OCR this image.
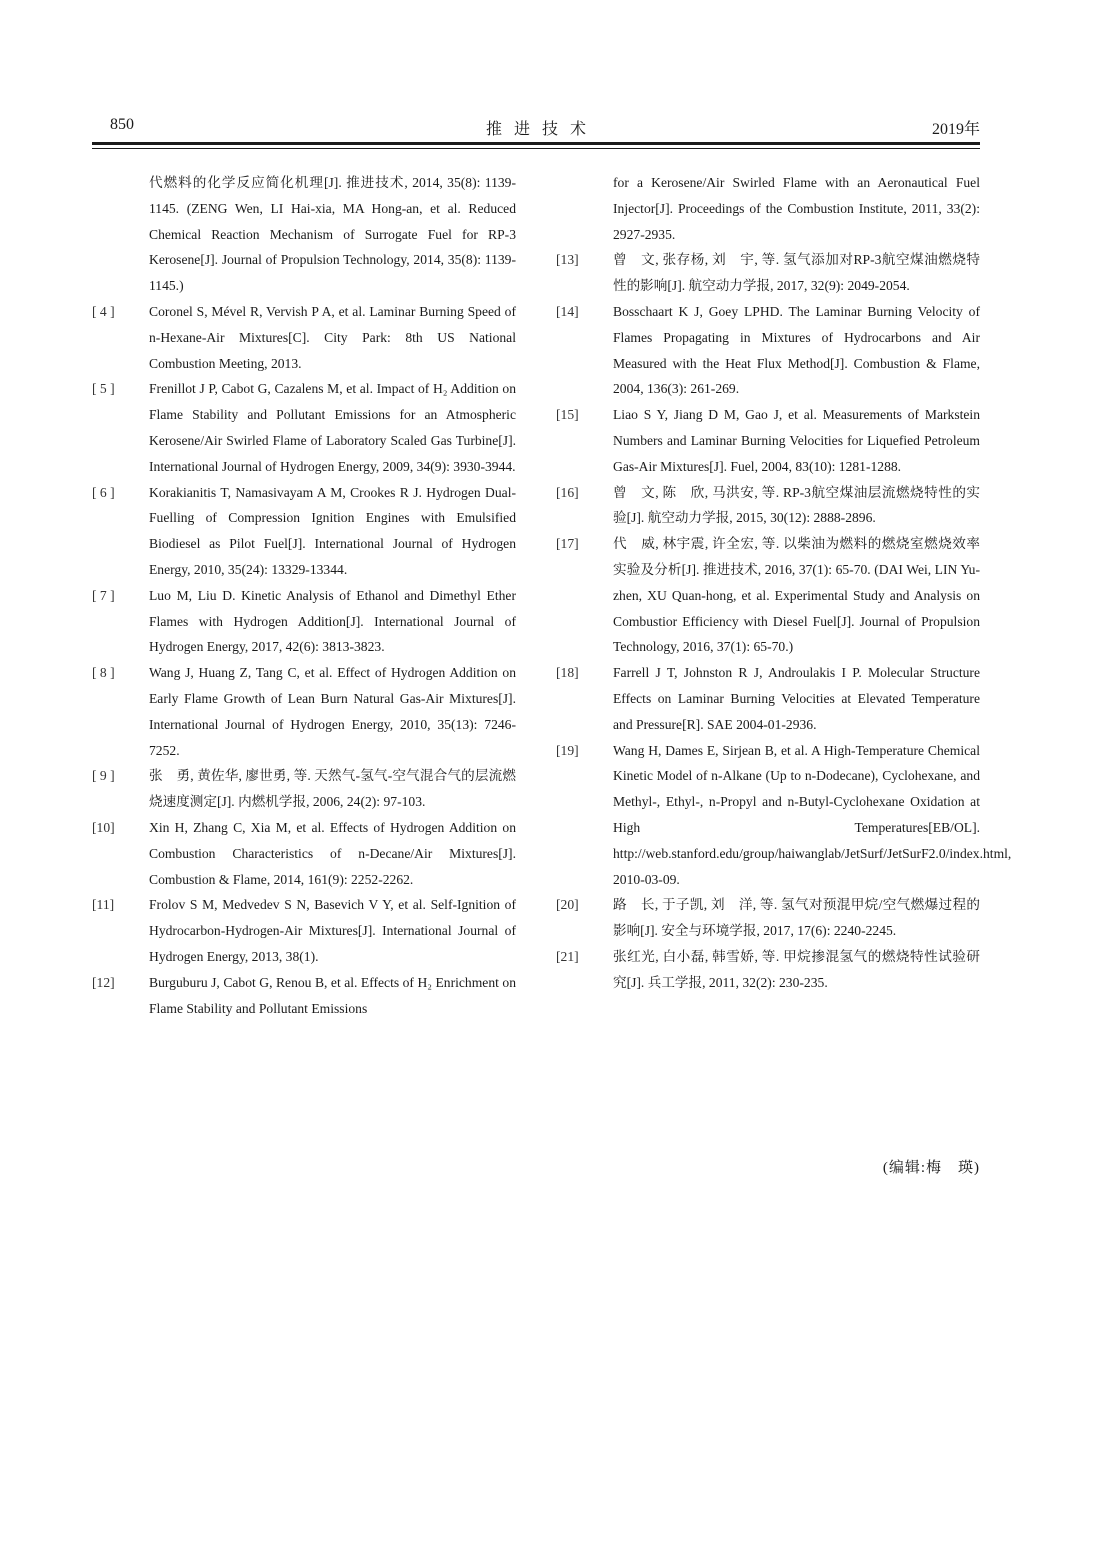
850	推进技术	2019年
代燃料的化学反应简化机理[J]. 推进技术, 2014, 35(8): 1139-1145. (ZENG Wen, LI Hai-xia, MA Hong-an, et al. Reduced Chemical Reaction Mechanism of Surrogate Fuel for RP-3 Kerosene[J]. Journal of Propulsion Technology, 2014, 35(8): 1139-1145.)
[ 4 ]	Coronel S, Mével R, Vervish P A, et al. Laminar Burning Speed of n-Hexane-Air Mixtures[C]. City Park: 8th US National Combustion Meeting, 2013.
[ 5 ]	Frenillot J P, Cabot G, Cazalens M, et al. Impact of H₂ Addition on Flame Stability and Pollutant Emissions for an Atmospheric Kerosene/Air Swirled Flame of Laboratory Scaled Gas Turbine[J]. International Journal of Hydrogen Energy, 2009, 34(9): 3930-3944.
[ 6 ]	Korakianitis T, Namasivayam A M, Crookes R J. Hydrogen Dual-Fuelling of Compression Ignition Engines with Emulsified Biodiesel as Pilot Fuel[J]. International Journal of Hydrogen Energy, 2010, 35(24): 13329-13344.
[ 7 ]	Luo M, Liu D. Kinetic Analysis of Ethanol and Dimethyl Ether Flames with Hydrogen Addition[J]. International Journal of Hydrogen Energy, 2017, 42(6): 3813-3823.
[ 8 ]	Wang J, Huang Z, Tang C, et al. Effect of Hydrogen Addition on Early Flame Growth of Lean Burn Natural Gas-Air Mixtures[J]. International Journal of Hydrogen Energy, 2010, 35(13): 7246-7252.
[ 9 ]	张　勇, 黄佐华, 廖世勇, 等. 天然气-氢气-空气混合气的层流燃烧速度测定[J]. 内燃机学报, 2006, 24(2): 97-103.
[10]	Xin H, Zhang C, Xia M, et al. Effects of Hydrogen Addition on Combustion Characteristics of n-Decane/Air Mixtures[J]. Combustion & Flame, 2014, 161(9): 2252-2262.
[11]	Frolov S M, Medvedev S N, Basevich V Y, et al. Self-Ignition of Hydrocarbon-Hydrogen-Air Mixtures[J]. International Journal of Hydrogen Energy, 2013, 38(1).
[12]	Burguburu J, Cabot G, Renou B, et al. Effects of H₂ Enrichment on Flame Stability and Pollutant Emissions
for a Kerosene/Air Swirled Flame with an Aeronautical Fuel Injector[J]. Proceedings of the Combustion Institute, 2011, 33(2): 2927-2935.
[13]	曾　文, 张存杨, 刘　宇, 等. 氢气添加对RP-3航空煤油燃烧特性的影响[J]. 航空动力学报, 2017, 32(9): 2049-2054.
[14]	Bosschaart K J, Goey LPHD. The Laminar Burning Velocity of Flames Propagating in Mixtures of Hydrocarbons and Air Measured with the Heat Flux Method[J]. Combustion & Flame, 2004, 136(3): 261-269.
[15]	Liao S Y, Jiang D M, Gao J, et al. Measurements of Markstein Numbers and Laminar Burning Velocities for Liquefied Petroleum Gas-Air Mixtures[J]. Fuel, 2004, 83(10): 1281-1288.
[16]	曾　文, 陈　欣, 马洪安, 等. RP-3航空煤油层流燃烧特性的实验[J]. 航空动力学报, 2015, 30(12): 2888-2896.
[17]	代　威, 林宇震, 许全宏, 等. 以柴油为燃料的燃烧室燃烧效率实验及分析[J]. 推进技术, 2016, 37(1): 65-70. (DAI Wei, LIN Yu-zhen, XU Quan-hong, et al. Experimental Study and Analysis on Combustior Efficiency with Diesel Fuel[J]. Journal of Propulsion Technology, 2016, 37(1): 65-70.)
[18]	Farrell J T, Johnston R J, Androulakis I P. Molecular Structure Effects on Laminar Burning Velocities at Elevated Temperature and Pressure[R]. SAE 2004-01-2936.
[19]	Wang H, Dames E, Sirjean B, et al. A High-Temperature Chemical Kinetic Model of n-Alkane (Up to n-Dodecane), Cyclohexane, and Methyl-, Ethyl-, n-Propyl and n-Butyl-Cyclohexane Oxidation at High Temperatures[EB/OL]. http://web.stanford.edu/group/haiwanglab/JetSurf/JetSurF2.0/index.html, 2010-03-09.
[20]	路　长, 于子凯, 刘　洋, 等. 氢气对预混甲烷/空气燃爆过程的影响[J]. 安全与环境学报, 2017, 17(6): 2240-2245.
[21]	张红光, 白小磊, 韩雪娇, 等. 甲烷掺混氢气的燃烧特性试验研究[J]. 兵工学报, 2011, 32(2): 230-235.
(编辑:梅　瑛)
